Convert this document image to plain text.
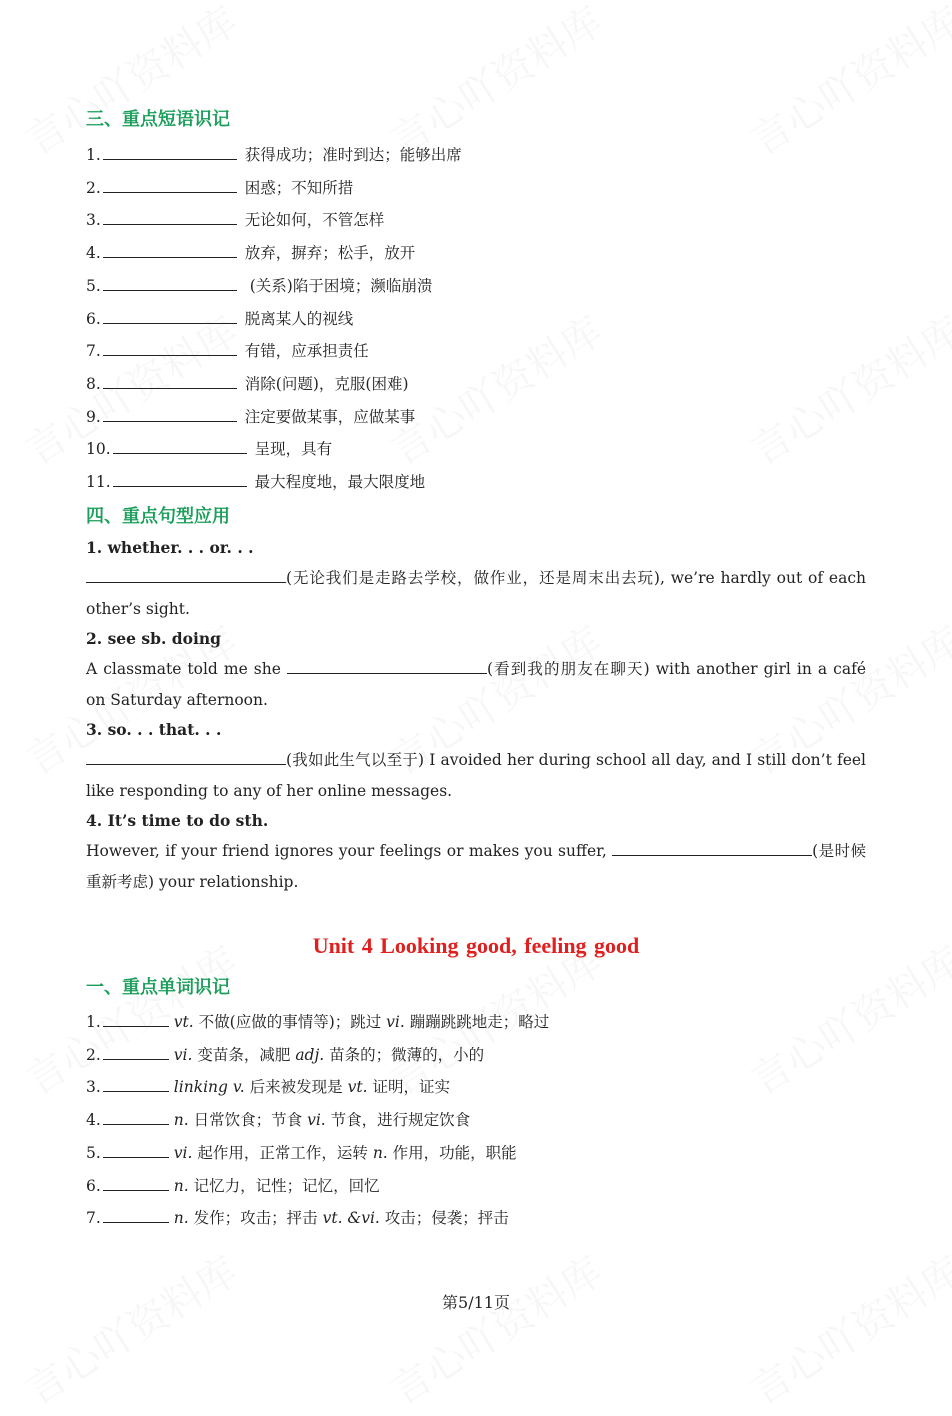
三、重点短语识记
1.	获得成功；准时到达；能够出席
2.	困惑；不知所措
3.	无论如何，不管怎样
4.	放弃，摒弃；松手，放开
5.	(关系)陷于困境；濒临崩溃
6.	脱离某人的视线
7.	有错，应承担责任
8.	消除(问题)，克服(困难)
9.	注定要做某事，应做某事
10.	呈现，具有
11.	最大程度地，最大限度地
四、重点句型应用
1. whether. . . or. . .
(无论我们是走路去学校，做作业，还是周末出去玩), we’re hardly out of each other’s sight.
2. see sb. doing
A classmate told me she	(看到我的朋友在聊天) with another girl in a café on Saturday afternoon.
3. so. . . that. . .
(我如此生气以至于) I avoided her during school all day, and I still don’t feel like responding to any of her online messages.
4. It’s time to do sth.
However, if your friend ignores your feelings or makes you suffer,	(是时候重新考虑) your relationship.
Unit 4 Looking good, feeling good
一、重点单词识记
1.	vt. 不做(应做的事情等)；跳过 vi. 蹦蹦跳跳地走；略过
2.	vi. 变苗条，减肥 adj. 苗条的；微薄的，小的
3.	linking v. 后来被发现是 vt. 证明，证实
4.	n. 日常饮食；节食 vi. 节食，进行规定饮食
5.	vi. 起作用，正常工作，运转 n. 作用，功能，职能
6.	n. 记忆力，记性；记忆，回忆
7.	n. 发作；攻击；抨击 vt. &vi. 攻击；侵袭；抨击
第5/11页
